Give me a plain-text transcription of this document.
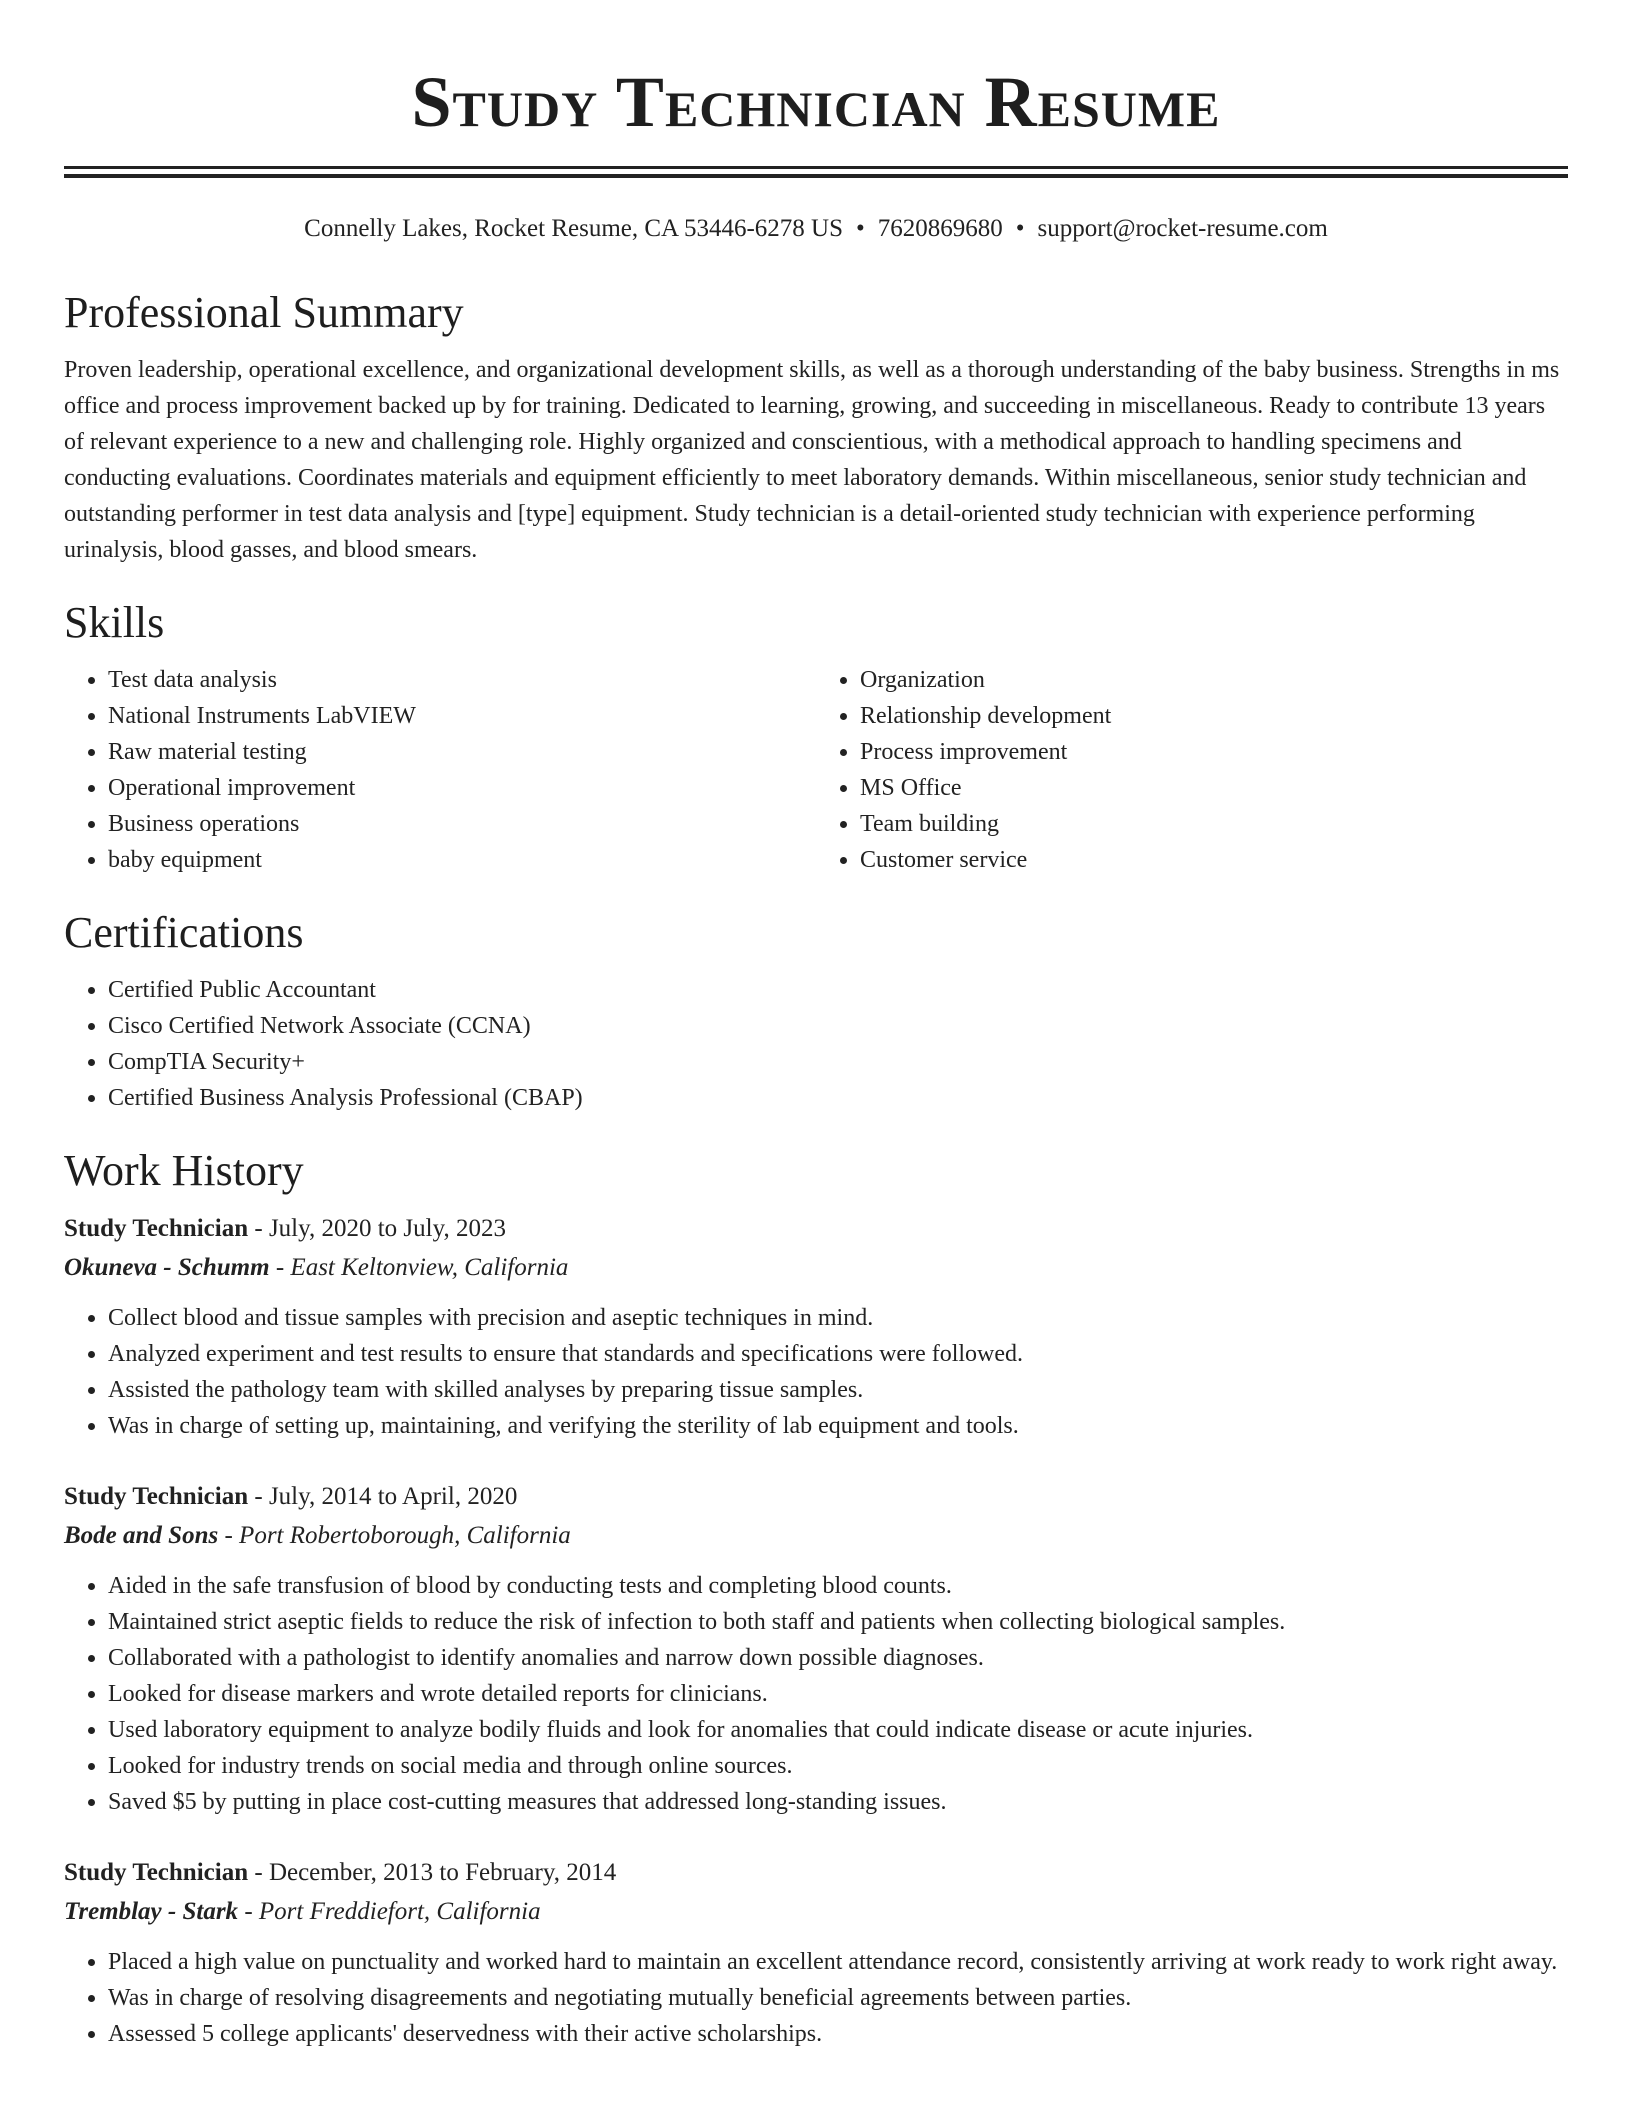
Study Technician Resume
Connelly Lakes, Rocket Resume, CA 53446-6278 US • 7620869680 • support@rocket-resume.com
Professional Summary

Proven leadership, operational excellence, and organizational development skills, as well as a thorough understanding of the baby business. Strengths in ms office and process improvement backed up by for training. Dedicated to learning, growing, and succeeding in miscellaneous. Ready to contribute 13 years of relevant experience to a new and challenging role. Highly organized and conscientious, with a methodical approach to handling specimens and conducting evaluations. Coordinates materials and equipment efficiently to meet laboratory demands. Within miscellaneous, senior study technician and outstanding performer in test data analysis and [type] equipment. Study technician is a detail-oriented study technician with experience performing urinalysis, blood gasses, and blood smears.

Skills
• Test data analysis
• National Instruments LabVIEW
• Raw material testing
• Operational improvement
• Business operations
• baby equipment
• Organization
• Relationship development
• Process improvement
• MS Office
• Team building
• Customer service
Certifications
• Certified Public Accountant
• Cisco Certified Network Associate (CCNA)
• CompTIA Security+
• Certified Business Analysis Professional (CBAP)
Work History
Study Technician - July, 2020 to July, 2023
Okuneva - Schumm - East Keltonview, California
• Collect blood and tissue samples with precision and aseptic techniques in mind.
• Analyzed experiment and test results to ensure that standards and specifications were followed.
• Assisted the pathology team with skilled analyses by preparing tissue samples.
• Was in charge of setting up, maintaining, and verifying the sterility of lab equipment and tools.
Study Technician - July, 2014 to April, 2020
Bode and Sons - Port Robertoborough, California
• Aided in the safe transfusion of blood by conducting tests and completing blood counts.
• Maintained strict aseptic fields to reduce the risk of infection to both staff and patients when collecting biological samples.
• Collaborated with a pathologist to identify anomalies and narrow down possible diagnoses.
• Looked for disease markers and wrote detailed reports for clinicians.
• Used laboratory equipment to analyze bodily fluids and look for anomalies that could indicate disease or acute injuries.
• Looked for industry trends on social media and through online sources.
• Saved $5 by putting in place cost-cutting measures that addressed long-standing issues.
Study Technician - December, 2013 to February, 2014
Tremblay - Stark - Port Freddiefort, California
• Placed a high value on punctuality and worked hard to maintain an excellent attendance record, consistently arriving at work ready to work right away.
• Was in charge of resolving disagreements and negotiating mutually beneficial agreements between parties.
• Assessed 5 college applicants' deservedness with their active scholarships.
